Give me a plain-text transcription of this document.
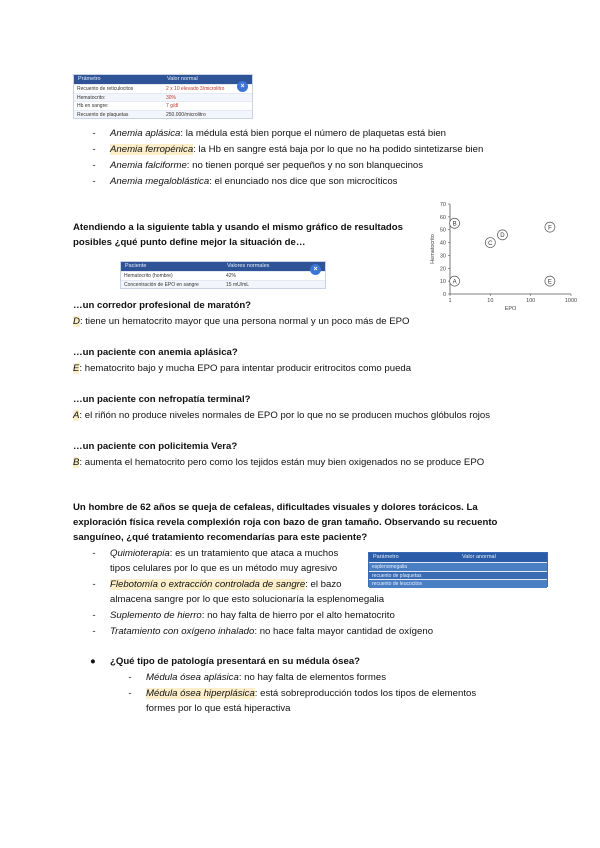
Prámetro	Valor normal
Recuento de reticulocitos	2 x 10 elevado 3/microlitro
Hematocrito:	30%
Hb en sangre:	7 g/dl
Recuento de plaquetas	250.000/microlitro
×
- Anemia aplásica: la médula está bien porque el número de plaquetas está bien
- Anemia ferropénica: la Hb en sangre está baja por lo que no ha podido sintetizarse bien
- Anemia falciforme: no tienen porqué ser pequeños y no son blanquecinos
- Anemia megaloblástica: el enunciado nos dice que son microcíticos
Atendiendo a la siguiente tabla y usando el mismo gráfico de resultados
posibles ¿qué punto define mejor la situación de…
Paciente	Valores normales
Hematocrito (hombre)	42%
Concentración de EPO en sangre	15 mU/mL
×
0
10
20
30
40
50
60
70
1	10	100	1000
EPO
Hematocrito
A
B
C
D
E
F
…un corredor profesional de maratón?
D: tiene un hematocrito mayor que una persona normal y un poco más de EPO
…un paciente con anemia aplásica?
E: hematocrito bajo y mucha EPO para intentar producir eritrocitos como pueda
…un paciente con nefropatía terminal?
A: el riñón no produce niveles normales de EPO por lo que no se producen muchos glóbulos rojos
…un paciente con policitemia Vera?
B: aumenta el hematocrito pero como los tejidos están muy bien oxigenados no se produce EPO
Un hombre de 62 años se queja de cefaleas, dificultades visuales y dolores torácicos. La
exploración física revela complexión roja con bazo de gran tamaño. Observando su recuento
sanguíneo, ¿qué tratamiento recomendarías para este paciente?
Parámetro	Valor anormal
esplenomegalia
recuento de plaquetas
recuento de leucocitos
- Quimioterapia: es un tratamiento que ataca a muchos
tipos celulares por lo que es un método muy agresivo
- Flebotomía o extracción controlada de sangre: el bazo
almacena sangre por lo que esto solucionaría la esplenomegalia
- Suplemento de hierro: no hay falta de hierro por el alto hematocrito
- Tratamiento con oxígeno inhalado: no hace falta mayor cantidad de oxígeno
● ¿Qué tipo de patología presentará en su médula ósea?
- Médula ósea aplásica: no hay falta de elementos formes
- Médula ósea hiperplásica: está sobreproducción todos los tipos de elementos
formes por lo que está hiperactiva
